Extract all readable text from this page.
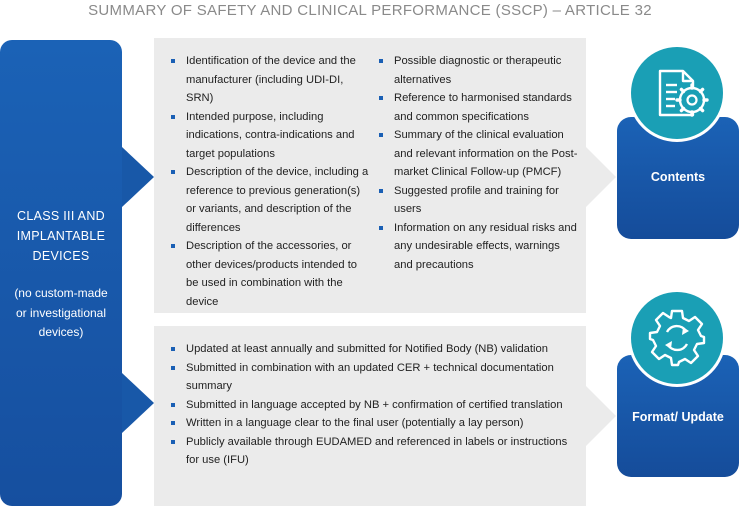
SUMMARY OF SAFETY AND CLINICAL PERFORMANCE (SSCP) – ARTICLE 32
CLASS III AND
IMPLANTABLE
DEVICES
(no custom-made
or investigational
devices)
Identification of the device and the manufacturer (including UDI-DI, SRN)
Intended purpose, including indications, contra-indications and target populations
Description of the device, including a reference to previous generation(s) or variants, and description of the differences
Description of the accessories, or other devices/products intended to be used in combination with the device
Possible diagnostic or therapeutic alternatives
Reference to harmonised standards and common specifications
Summary of the clinical evaluation and relevant information on the Post-market Clinical Follow-up (PMCF)
Suggested profile and training for users
Information on any residual risks and any undesirable effects, warnings and precautions
Updated at least annually and submitted for Notified Body (NB) validation
Submitted in combination with an updated CER + technical documentation summary
Submitted in language accepted by NB + confirmation of certified translation
Written in a language clear to the final user (potentially a lay person)
Publicly available through EUDAMED and referenced in labels or instructions for use (IFU)
Contents
Format/ Update
